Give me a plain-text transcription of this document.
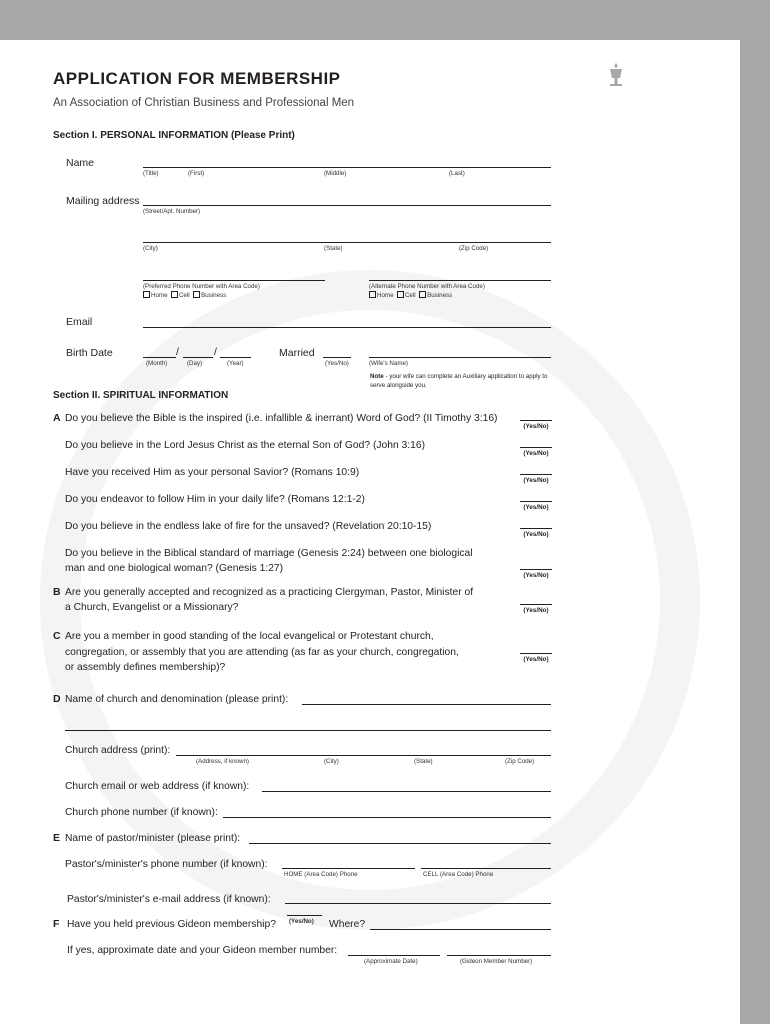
The Gideons
International
APPLICATION FOR MEMBERSHIP
An Association of Christian Business and Professional Men
Section I. PERSONAL INFORMATION (Please Print)
Name
(Title)	(First)	(Middle)	(Last)
Mailing address
(Street/Apt. Number)
(City)	(State)	(Zip Code)
(Preferred Phone Number with Area Code)
Home Cell Business
(Alternate Phone Number with Area Code)
Home Cell Business
Email
Birth Date	/	/
(Month)	(Day)	(Year)
Married
(Yes/No)	(Wife's Name)
Note - your wife can complete an Auxiliary application to apply to serve alongside you.
Section II. SPIRITUAL INFORMATION
A Do you believe the Bible is the inspired (i.e. infallible & inerrant) Word of God? (II Timothy 3:16)
(Yes/No)
Do you believe in the Lord Jesus Christ as the eternal Son of God? (John 3:16)
(Yes/No)
Have you received Him as your personal Savior? (Romans 10:9)
(Yes/No)
Do you endeavor to follow Him in your daily life? (Romans 12:1-2)
(Yes/No)
Do you believe in the endless lake of fire for the unsaved? (Revelation 20:10-15)
(Yes/No)
Do you believe in the Biblical standard of marriage (Genesis 2:24) between one biological
man and one biological woman? (Genesis 1:27)
(Yes/No)
B Are you generally accepted and recognized as a practicing Clergyman, Pastor, Minister of
a Church, Evangelist or a Missionary?	(Yes/No)
C Are you a member in good standing of the local evangelical or Protestant church,
congregation, or assembly that you are attending (as far as your church, congregation,
or assembly defines membership)?
(Yes/No)
D Name of church and denomination (please print):
Church address (print):
(Address, if known)	(City)	(State)	(Zip Code)
Church email or web address (if known):
Church phone number (if known):
E Name of pastor/minister (please print):
Pastor's/minister's phone number (if known):
HOME (Area Code) Phone	CELL (Area Code) Phone
Pastor's/minister's e-mail address (if known):
F Have you held previous Gideon membership? (Yes/No) Where?
If yes, approximate date and your Gideon member number:
(Approximate Date)	(Gideon Member Number)
